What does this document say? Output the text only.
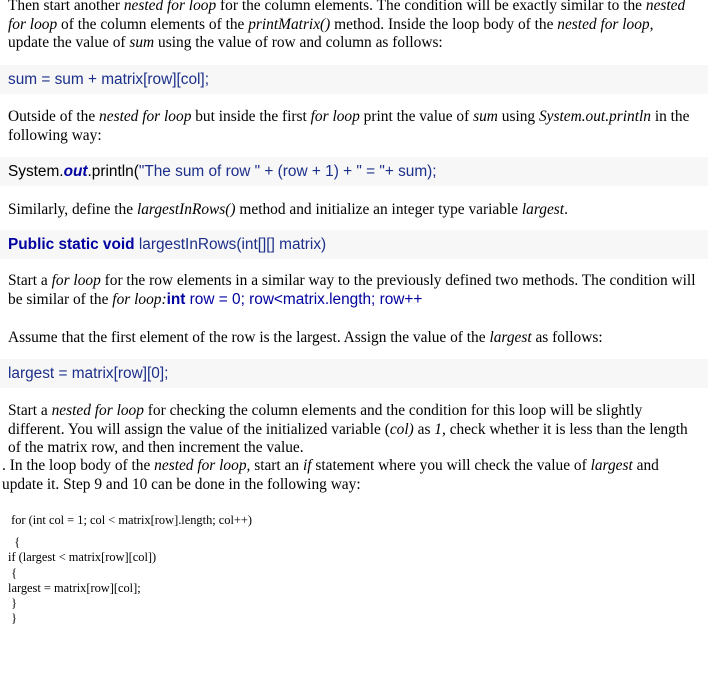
Then start another nested for loop for the column elements. The condition will be exactly similar to the nested for loop of the column elements of the printMatrix() method. Inside the loop body of the nested for loop, update the value of sum using the value of row and column as follows:

sum = sum + matrix[row][col];

Outside of the nested for loop but inside the first for loop print the value of sum using System.out.println in the following way:

System.out.println("The sum of row " + (row + 1) + " = "+ sum);

Similarly, define the largestInRows() method and initialize an integer type variable largest.

Public static void largestInRows(int[][] matrix)

Start a for loop for the row elements in a similar way to the previously defined two methods. The condition will be similar of the for loop:int row = 0; row<matrix.length; row++

Assume that the first element of the row is the largest. Assign the value of the largest as follows:

largest = matrix[row][0];

Start a nested for loop for checking the column elements and the condition for this loop will be slightly different. You will assign the value of the initialized variable (col) as 1, check whether it is less than the length of the matrix row, and then increment the value.

. In the loop body of the nested for loop, start an if statement where you will check the value of largest and update it. Step 9 and 10 can be done in the following way:

for (int col = 1; col < matrix[row].length; col++)
{
if (largest < matrix[row][col])
{
largest = matrix[row][col];
}
}
